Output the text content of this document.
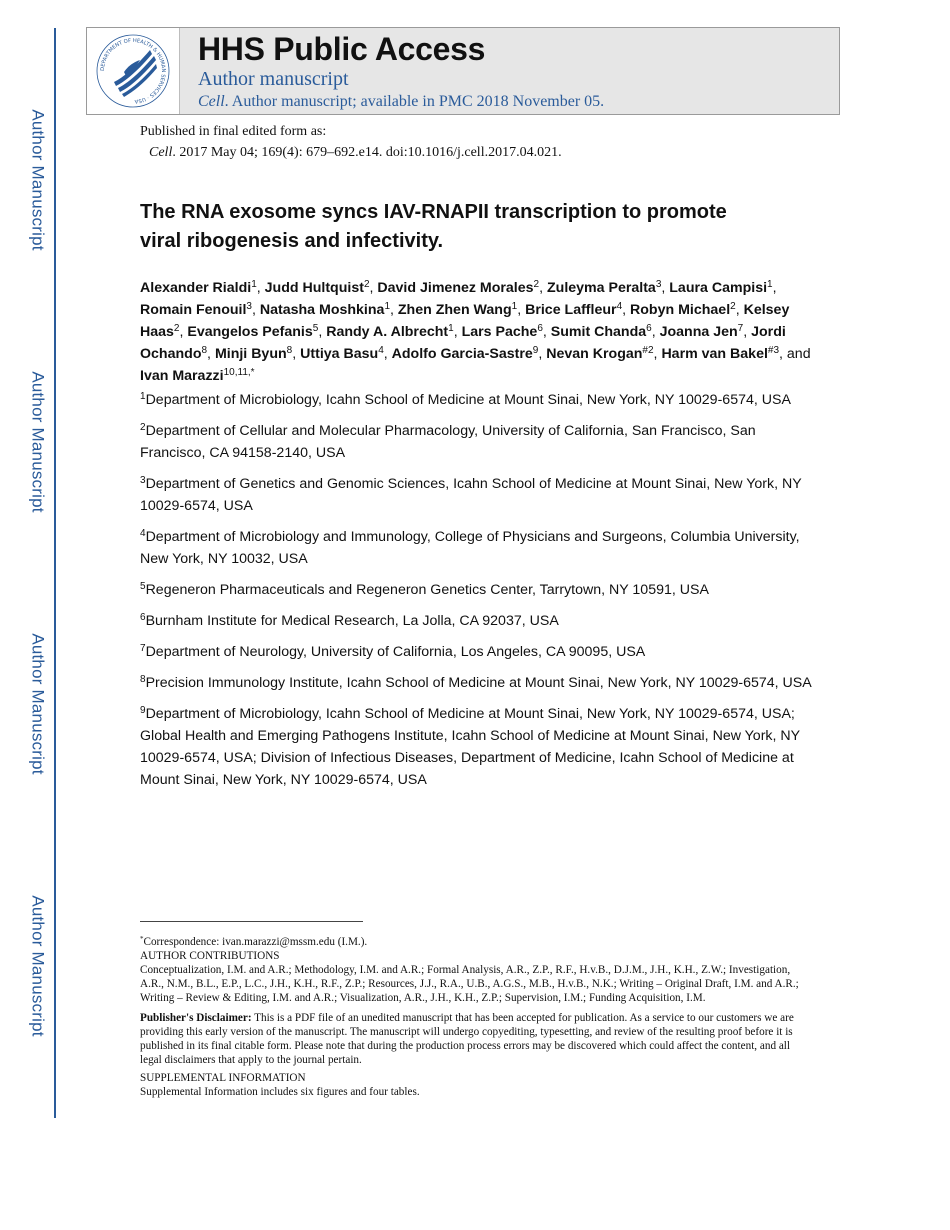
Author Manuscript
Author Manuscript
Author Manuscript
Author Manuscript
DEPARTMENT OF HEALTH & HUMAN SERVICES · USA
HHS Public Access
Author manuscript
Cell. Author manuscript; available in PMC 2018 November 05.
Published in final edited form as:
Cell. 2017 May 04; 169(4): 679–692.e14. doi:10.1016/j.cell.2017.04.021.
The RNA exosome syncs IAV-RNAPII transcription to promote
viral ribogenesis and infectivity.
Alexander Rialdi$^1$, Judd Hultquist$^2$, David Jimenez Morales$^2$, Zuleyma Peralta$^3$, Laura Campisi$^1$, Romain Fenouil$^3$, Natasha Moshkina$^1$, Zhen Zhen Wang$^1$, Brice Laffleur$^4$, Robyn Michael$^2$, Kelsey Haas$^2$, Evangelos Pefanis$^5$, Randy A. Albrecht$^1$, Lars Pache$^6$, Sumit Chanda$^6$, Joanna Jen$^7$, Jordi Ochando$^8$, Minji Byun$^8$, Uttiya Basu$^4$, Adolfo Garcia-Sastre$^9$, Nevan Krogan$^{\#2}$, Harm van Bakel$^{\#3}$, and Ivan Marazzi$^{10,11,*}$
$^1$Department of Microbiology, Icahn School of Medicine at Mount Sinai, New York, NY 10029-6574, USA
$^2$Department of Cellular and Molecular Pharmacology, University of California, San Francisco, San Francisco, CA 94158-2140, USA
$^3$Department of Genetics and Genomic Sciences, Icahn School of Medicine at Mount Sinai, New York, NY 10029-6574, USA
$^4$Department of Microbiology and Immunology, College of Physicians and Surgeons, Columbia University, New York, NY 10032, USA
$^5$Regeneron Pharmaceuticals and Regeneron Genetics Center, Tarrytown, NY 10591, USA
$^6$Burnham Institute for Medical Research, La Jolla, CA 92037, USA
$^7$Department of Neurology, University of California, Los Angeles, CA 90095, USA
$^8$Precision Immunology Institute, Icahn School of Medicine at Mount Sinai, New York, NY 10029-6574, USA
$^9$Department of Microbiology, Icahn School of Medicine at Mount Sinai, New York, NY 10029-6574, USA; Global Health and Emerging Pathogens Institute, Icahn School of Medicine at Mount Sinai, New York, NY 10029-6574, USA; Division of Infectious Diseases, Department of Medicine, Icahn School of Medicine at Mount Sinai, New York, NY 10029-6574, USA
*Correspondence: ivan.marazzi@mssm.edu (I.M.).
AUTHOR CONTRIBUTIONS
Conceptualization, I.M. and A.R.; Methodology, I.M. and A.R.; Formal Analysis, A.R., Z.P., R.F., H.v.B., D.J.M., J.H., K.H., Z.W.; Investigation, A.R., N.M., B.L., E.P., L.C., J.H., K.H., R.F., Z.P.; Resources, J.J., R.A., U.B., A.G.S., M.B., H.v.B., N.K.; Writing – Original Draft, I.M. and A.R.; Writing – Review & Editing, I.M. and A.R.; Visualization, A.R., J.H., K.H., Z.P.; Supervision, I.M.; Funding Acquisition, I.M.
Publisher's Disclaimer: This is a PDF file of an unedited manuscript that has been accepted for publication. As a service to our customers we are providing this early version of the manuscript. The manuscript will undergo copyediting, typesetting, and review of the resulting proof before it is published in its final citable form. Please note that during the production process errors may be discovered which could affect the content, and all legal disclaimers that apply to the journal pertain.
SUPPLEMENTAL INFORMATION
Supplemental Information includes six figures and four tables.
